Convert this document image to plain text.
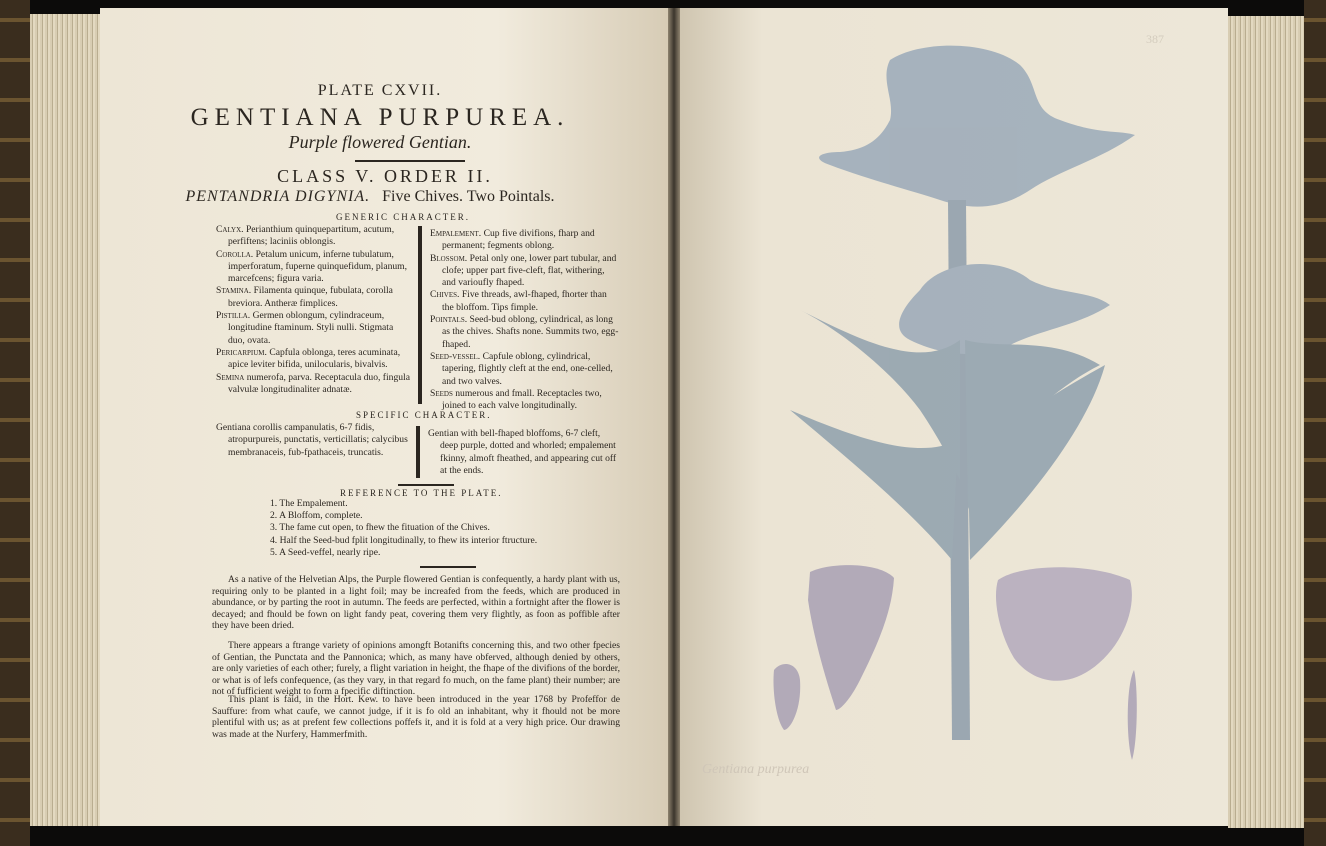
PLATE CXVII.
GENTIANA PURPUREA.
Purple flowered Gentian.
CLASS V. ORDER II.
PENTANDRIA DIGYNIA. Five Chives. Two Pointals.
GENERIC CHARACTER.

Calyx. Perianthium quinquepartitum, acutum, perfiftens; laciniis oblongis.

Corolla. Petalum unicum, inferne tubulatum, imperforatum, fuperne quinquefidum, planum, marcefcens; figura varia.

Stamina. Filamenta quinque, fubulata, corolla breviora. Antheræ fimplices.

Pistilla. Germen oblongum, cylindraceum, longitudine ftaminum. Styli nulli. Stigmata duo, ovata.

Pericarpium. Capfula oblonga, teres acuminata, apice leviter bifida, unilocularis, bivalvis.

Semina numerofa, parva. Receptacula duo, fingula valvulæ longitudinaliter adnatæ.

Empalement. Cup five divifions, fharp and permanent; fegments oblong.

Blossom. Petal only one, lower part tubular, and clofe; upper part five-cleft, flat, withering, and varioufly fhaped.

Chives. Five threads, awl-fhaped, fhorter than the bloffom. Tips fimple.

Pointals. Seed-bud oblong, cylindrical, as long as the chives. Shafts none. Summits two, egg-fhaped.

Seed-vessel. Capfule oblong, cylindrical, tapering, flightly cleft at the end, one-celled, and two valves.

Seeds numerous and fmall. Receptacles two, joined to each valve longitudinally.

SPECIFIC CHARACTER.

Gentiana corollis campanulatis, 6-7 fidis, atropurpureis, punctatis, verticillatis; calycibus membranaceis, fub-fpathaceis, truncatis.

Gentian with bell-fhaped bloffoms, 6-7 cleft, deep purple, dotted and whorled; empalement fkinny, almoft fheathed, and appearing cut off at the ends.

REFERENCE TO THE PLATE.
1. The Empalement.
2. A Bloffom, complete.
3. The fame cut open, to fhew the fituation of the Chives.
4. Half the Seed-bud fplit longitudinally, to fhew its interior ftructure.
5. A Seed-veffel, nearly ripe.

As a native of the Helvetian Alps, the Purple flowered Gentian is confequently, a hardy plant with us, requiring only to be planted in a light foil; may be increafed from the feeds, which are produced in abundance, or by parting the root in autumn. The feeds are perfected, within a fortnight after the flower is decayed; and fhould be fown on light fandy peat, covering them very flightly, as foon as poffible after they have been dried.

There appears a ftrange variety of opinions amongft Botanifts concerning this, and two other fpecies of Gentian, the Punctata and the Pannonica; which, as many have obferved, although denied by others, are only varieties of each other; furely, a flight variation in height, the fhape of the divifions of the border, or what is of lefs confequence, (as they vary, in that regard fo much, on the fame plant) their number; are not of fufficient weight to form a fpecific diftinction.

This plant is faid, in the Hort. Kew. to have been introduced in the year 1768 by Profeffor de Sauffure: from what caufe, we cannot judge, if it is fo old an inhabitant, why it fhould not be more plentiful with us; as at prefent few collections poffefs it, and it is fold at a very high price. Our drawing was made at the Nurfery, Hammerfmith.

Gentiana purpurea
387
